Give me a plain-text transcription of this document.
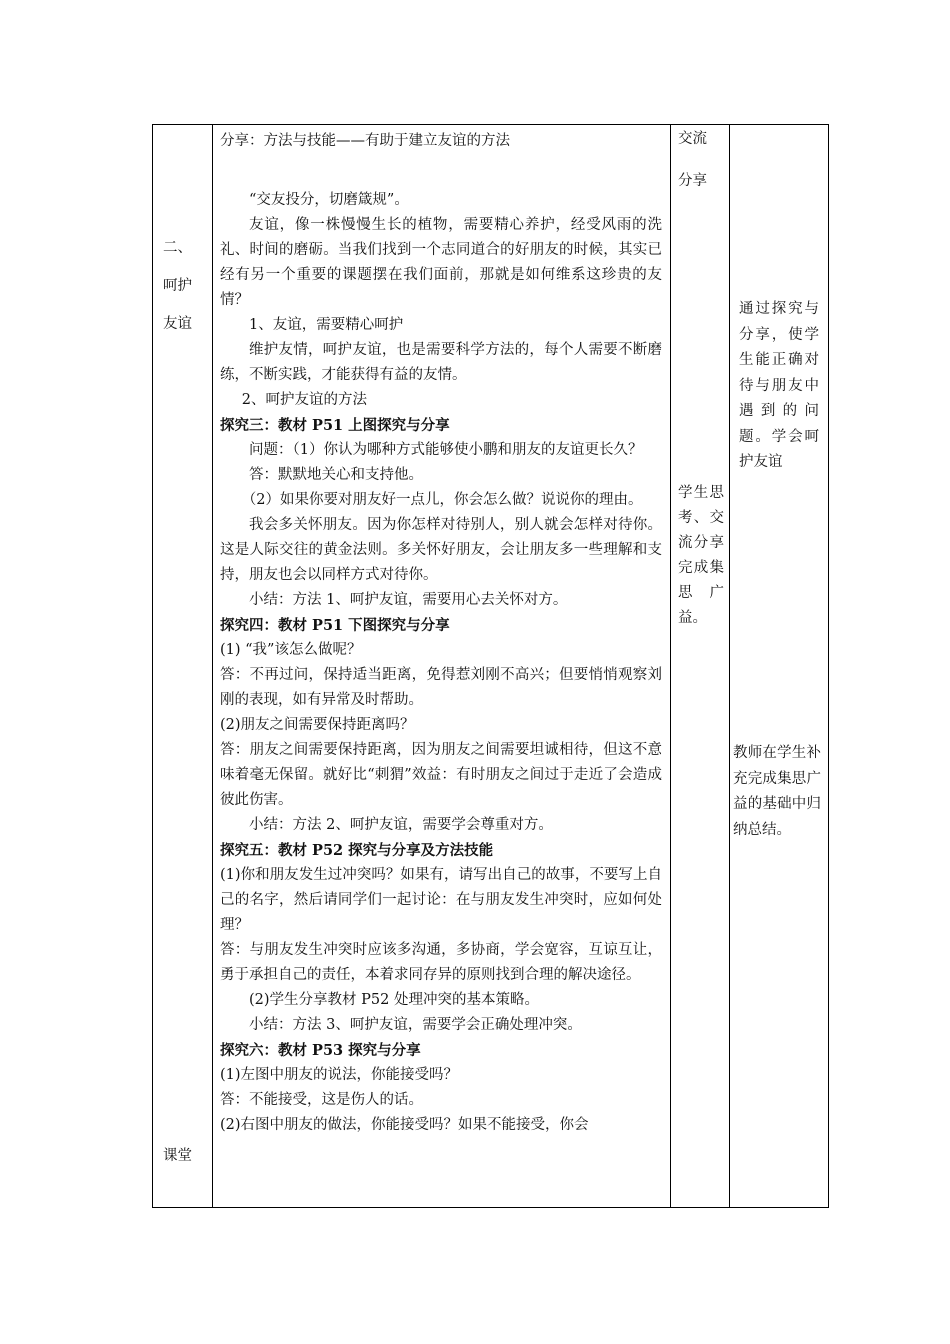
二、
呵护
友谊
课堂

分享：方法与技能——有助于建立友谊的方法

“交友投分，切磨箴规”。

友谊，像一株慢慢生长的植物，需要精心养护，经受风雨的洗礼、时间的磨砺。当我们找到一个志同道合的好朋友的时候，其实已经有另一个重要的课题摆在我们面前，那就是如何维系这珍贵的友情？

1、友谊，需要精心呵护

维护友情，呵护友谊，也是需要科学方法的，每个人需要不断磨练，不断实践，才能获得有益的友情。

2、呵护友谊的方法

探究三：教材 P51 上图探究与分享

问题：（1）你认为哪种方式能够使小鹏和朋友的友谊更长久？

答：默默地关心和支持他。

（2）如果你要对朋友好一点儿，你会怎么做？说说你的理由。

我会多关怀朋友。因为你怎样对待别人，别人就会怎样对待你。这是人际交往的黄金法则。多关怀好朋友，会让朋友多一些理解和支持，朋友也会以同样方式对待你。

小结：方法 1、呵护友谊，需要用心去关怀对方。

探究四：教材 P51 下图探究与分享

(1) “我”该怎么做呢？

答：不再过问，保持适当距离，免得惹刘刚不高兴；但要悄悄观察刘刚的表现，如有异常及时帮助。

(2)朋友之间需要保持距离吗？

答：朋友之间需要保持距离，因为朋友之间需要坦诚相待，但这不意味着毫无保留。就好比“刺猬”效益：有时朋友之间过于走近了会造成彼此伤害。

小结：方法 2、呵护友谊，需要学会尊重对方。

探究五：教材 P52 探究与分享及方法技能

(1)你和朋友发生过冲突吗？如果有，请写出自己的故事，不要写上自己的名字，然后请同学们一起讨论：在与朋友发生冲突时，应如何处理？

答：与朋友发生冲突时应该多沟通，多协商，学会宽容，互谅互让，勇于承担自己的责任，本着求同存异的原则找到合理的解决途径。

(2)学生分享教材 P52 处理冲突的基本策略。

小结：方法 3、呵护友谊，需要学会正确处理冲突。

探究六：教材 P53 探究与分享

(1)左图中朋友的说法，你能接受吗？

答：不能接受，这是伤人的话。

(2)右图中朋友的做法，你能接受吗？如果不能接受，你会

交流
分享
学生思考、交流分享完成集思广益。
通过探究与分享，使学生能正确对待与朋友中遇到的问题。学会呵护友谊
教师在学生补充完成集思广益的基础中归纳总结。
